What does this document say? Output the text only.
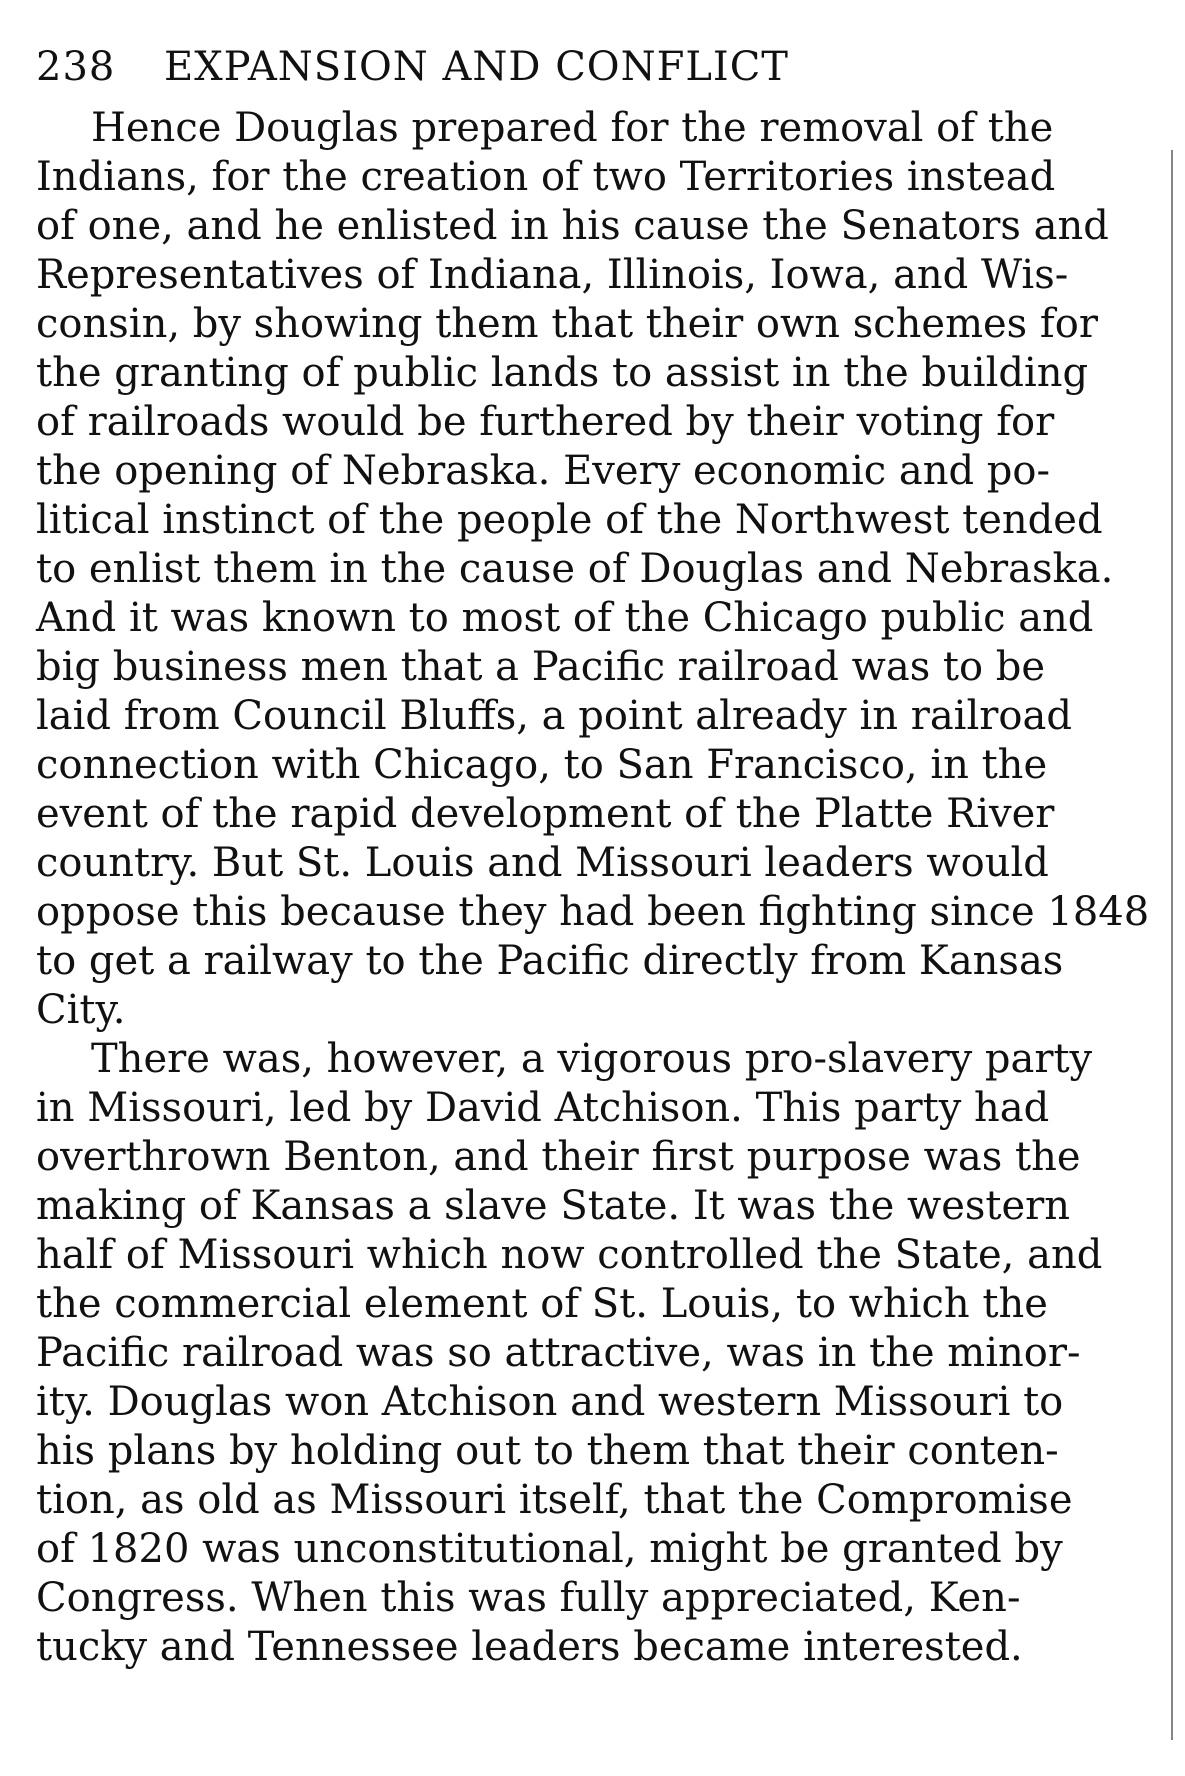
238	EXPANSION AND CONFLICT

Hence Douglas prepared for the removal of the
Indians, for the creation of two Territories instead
of one, and he enlisted in his cause the Senators and
Representatives of Indiana, Illinois, Iowa, and Wis-
consin, by showing them that their own schemes for
the granting of public lands to assist in the building
of railroads would be furthered by their voting for
the opening of Nebraska. Every economic and po-
litical instinct of the people of the Northwest tended
to enlist them in the cause of Douglas and Nebraska.
And it was known to most of the Chicago public and
big business men that a Pacific railroad was to be
laid from Council Bluffs, a point already in railroad
connection with Chicago, to San Francisco, in the
event of the rapid development of the Platte River
country. But St. Louis and Missouri leaders would
oppose this because they had been fighting since 1848
to get a railway to the Pacific directly from Kansas
City.

There was, however, a vigorous pro-slavery party
in Missouri, led by David Atchison. This party had
overthrown Benton, and their first purpose was the
making of Kansas a slave State. It was the western
half of Missouri which now controlled the State, and
the commercial element of St. Louis, to which the
Pacific railroad was so attractive, was in the minor-
ity. Douglas won Atchison and western Missouri to
his plans by holding out to them that their conten-
tion, as old as Missouri itself, that the Compromise
of 1820 was unconstitutional, might be granted by
Congress. When this was fully appreciated, Ken-
tucky and Tennessee leaders became interested.
